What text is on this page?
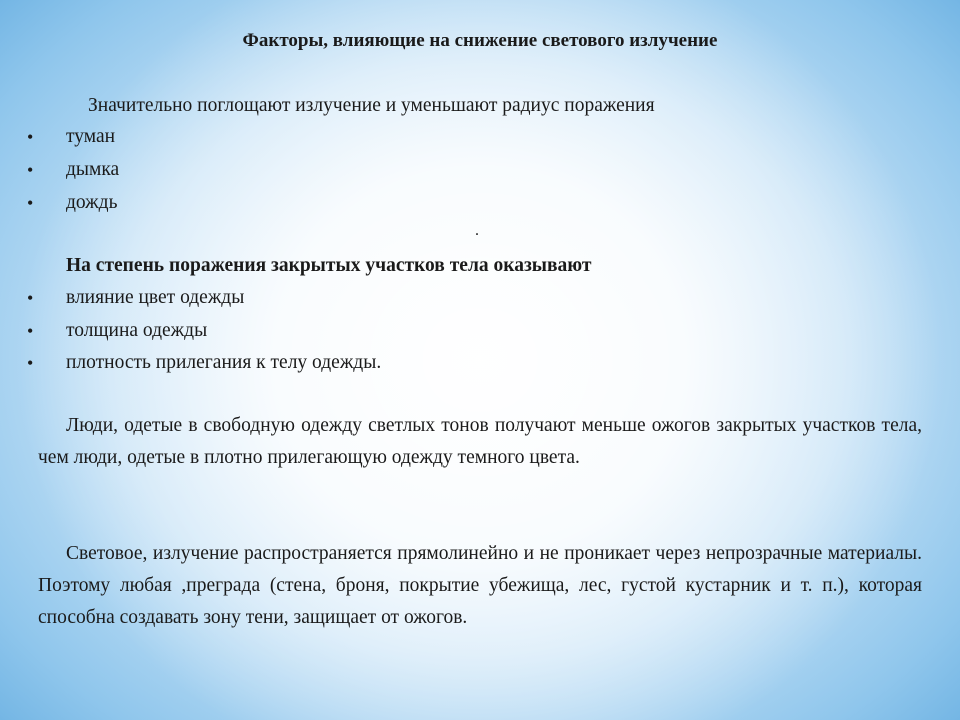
Факторы, влияющие на снижение светового излучение
Значительно поглощают излучение и уменьшают радиус поражения
• туман
• дымка
• дождь
.
На степень поражения закрытых участков тела оказывают
• влияние цвет одежды
• толщина одежды
• плотность прилегания к телу одежды.
Люди, одетые в свободную одежду светлых тонов получают меньше ожогов закрытых участков тела, чем люди, одетые в плотно прилегающую одежду темного цвета.
Световое, излучение распространяется прямолинейно и не проникает через непрозрачные материалы. Поэтому любая ,преграда (стена, броня, покрытие убежища, лес, густой кустарник и т. п.), которая способна создавать зону тени, защищает от ожогов.
